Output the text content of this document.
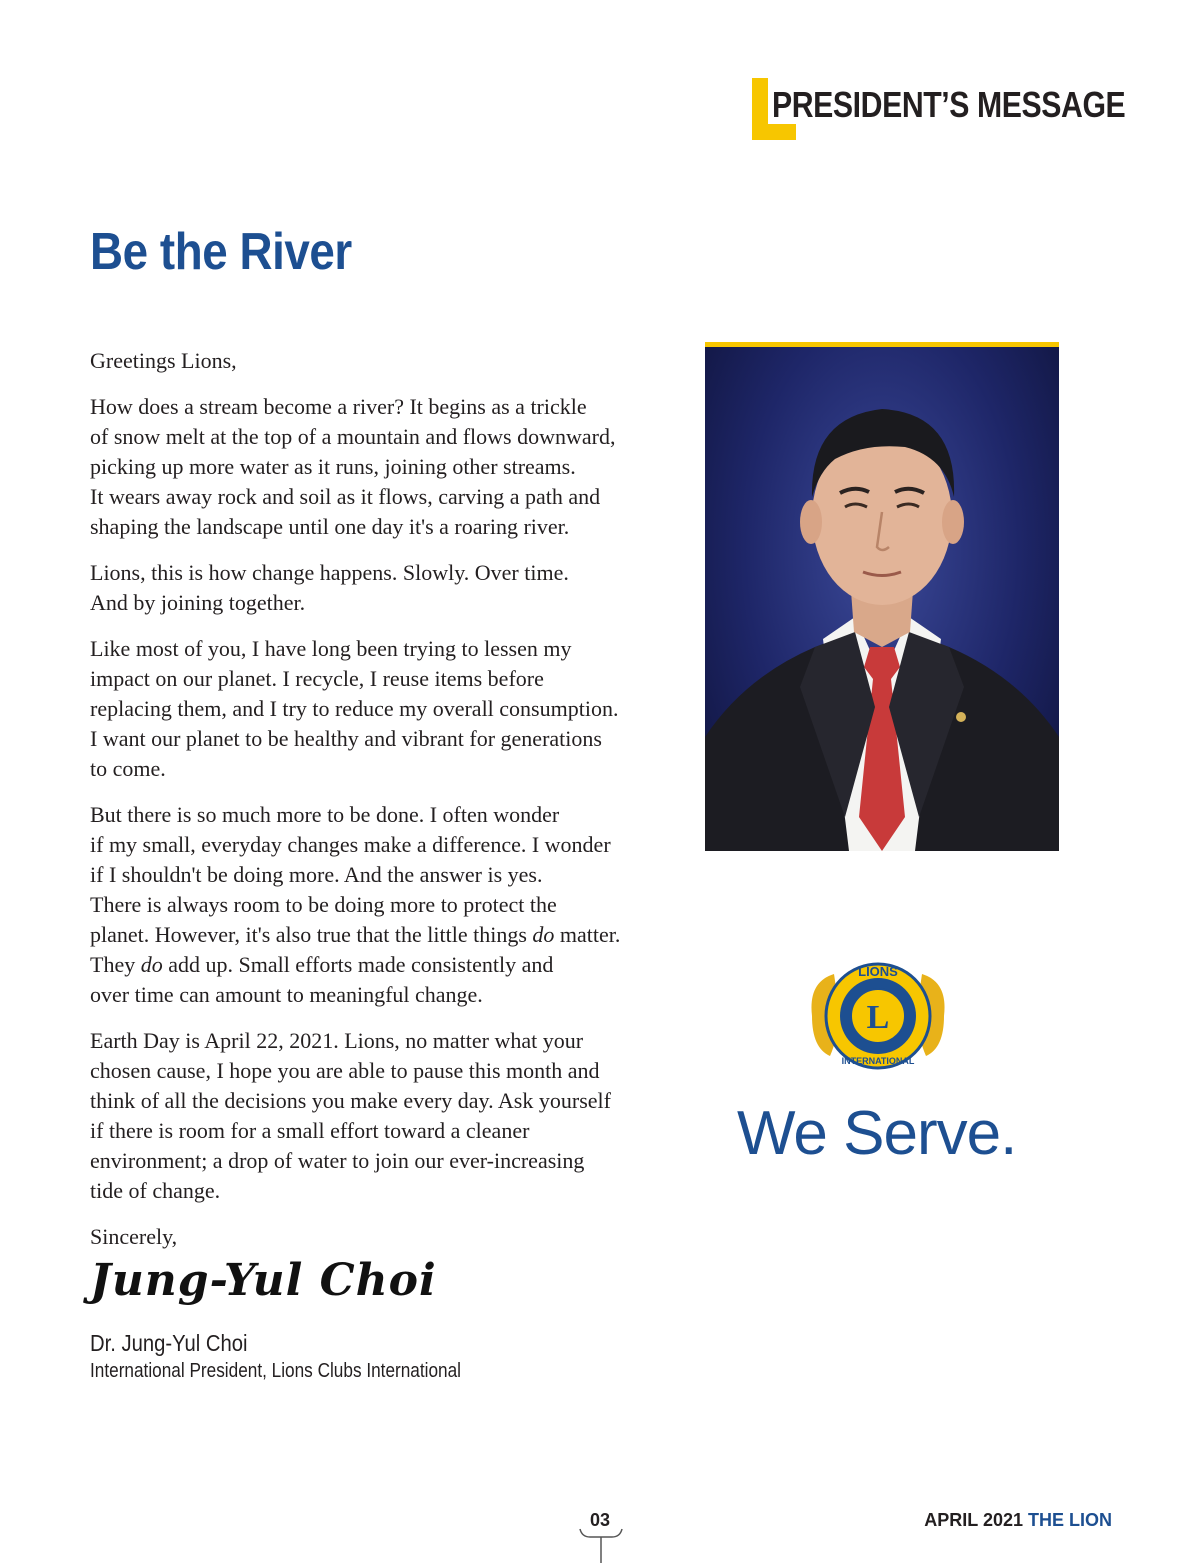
PRESIDENT’S MESSAGE
Be the River

Greetings Lions,

How does a stream become a river? It begins as a trickle
of snow melt at the top of a mountain and flows downward,
picking up more water as it runs, joining other streams.
It wears away rock and soil as it flows, carving a path and
shaping the landscape until one day it's a roaring river.

Lions, this is how change happens. Slowly. Over time.
And by joining together.

Like most of you, I have long been trying to lessen my
impact on our planet. I recycle, I reuse items before
replacing them, and I try to reduce my overall consumption.
I want our planet to be healthy and vibrant for generations
to come.

But there is so much more to be done. I often wonder
if my small, everyday changes make a difference. I wonder
if I shouldn't be doing more. And the answer is yes.
There is always room to be doing more to protect the
planet. However, it's also true that the little things do matter.
They do add up. Small efforts made consistently and
over time can amount to meaningful change.

Earth Day is April 22, 2021. Lions, no matter what your
chosen cause, I hope you are able to pause this month and
think of all the decisions you make every day. Ask yourself
if there is room for a small effort toward a cleaner
environment; a drop of water to join our ever-increasing
tide of change.

Sincerely,

Jung-Yul Choi
Dr. Jung-Yul Choi
International President, Lions Clubs International
LIONS
INTERNATIONAL
L
We Serve.
03	APRIL 2021 THE LION
